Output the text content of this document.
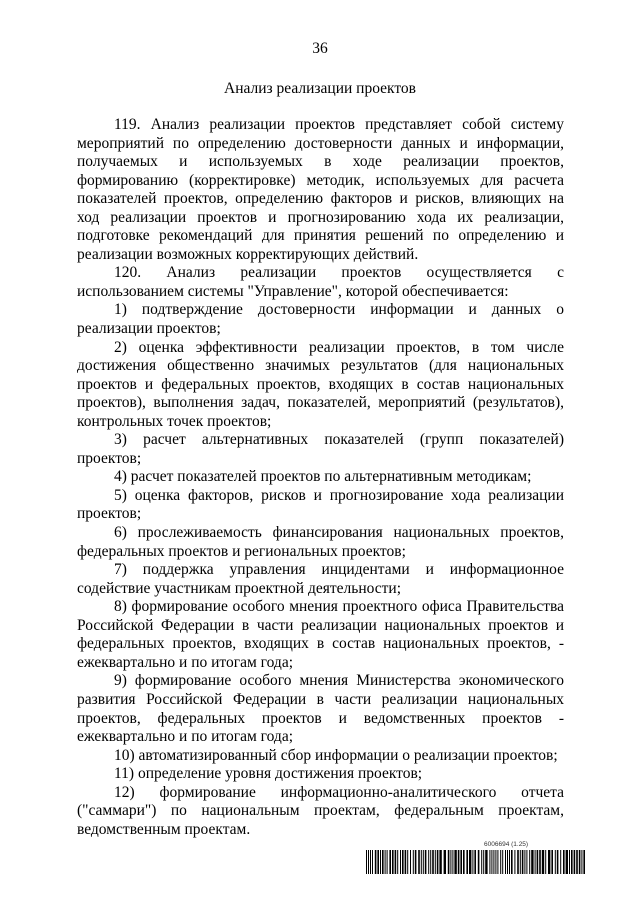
36
Анализ реализации проектов

119. Анализ реализации проектов представляет собой систему мероприятий по определению достоверности данных и информации, получаемых и используемых в ходе реализации проектов, формированию (корректировке) методик, используемых для расчета показателей проектов, определению факторов и рисков, влияющих на ход реализации проектов и прогнозированию хода их реализации, подготовке рекомендаций для принятия решений по определению и реализации возможных корректирующих действий.

120. Анализ реализации проектов осуществляется с использованием системы "Управление", которой обеспечивается:

1) подтверждение достоверности информации и данных о реализации проектов;

2) оценка эффективности реализации проектов, в том числе достижения общественно значимых результатов (для национальных проектов и федеральных проектов, входящих в состав национальных проектов), выполнения задач, показателей, мероприятий (результатов), контрольных точек проектов;

3) расчет альтернативных показателей (групп показателей) проектов;

4) расчет показателей проектов по альтернативным методикам;

5) оценка факторов, рисков и прогнозирование хода реализации проектов;

6) прослеживаемость финансирования национальных проектов, федеральных проектов и региональных проектов;

7) поддержка управления инцидентами и информационное содействие участникам проектной деятельности;

8) формирование особого мнения проектного офиса Правительства Российской Федерации в части реализации национальных проектов и федеральных проектов, входящих в состав национальных проектов, - ежеквартально и по итогам года;

9) формирование особого мнения Министерства экономического развития Российской Федерации в части реализации национальных проектов, федеральных проектов и ведомственных проектов - ежеквартально и по итогам года;

10) автоматизированный сбор информации о реализации проектов;

11) определение уровня достижения проектов;

12) формирование информационно-аналитического отчета ("саммари") по национальным проектам, федеральным проектам, ведомственным проектам.

6006694 (1.25)
